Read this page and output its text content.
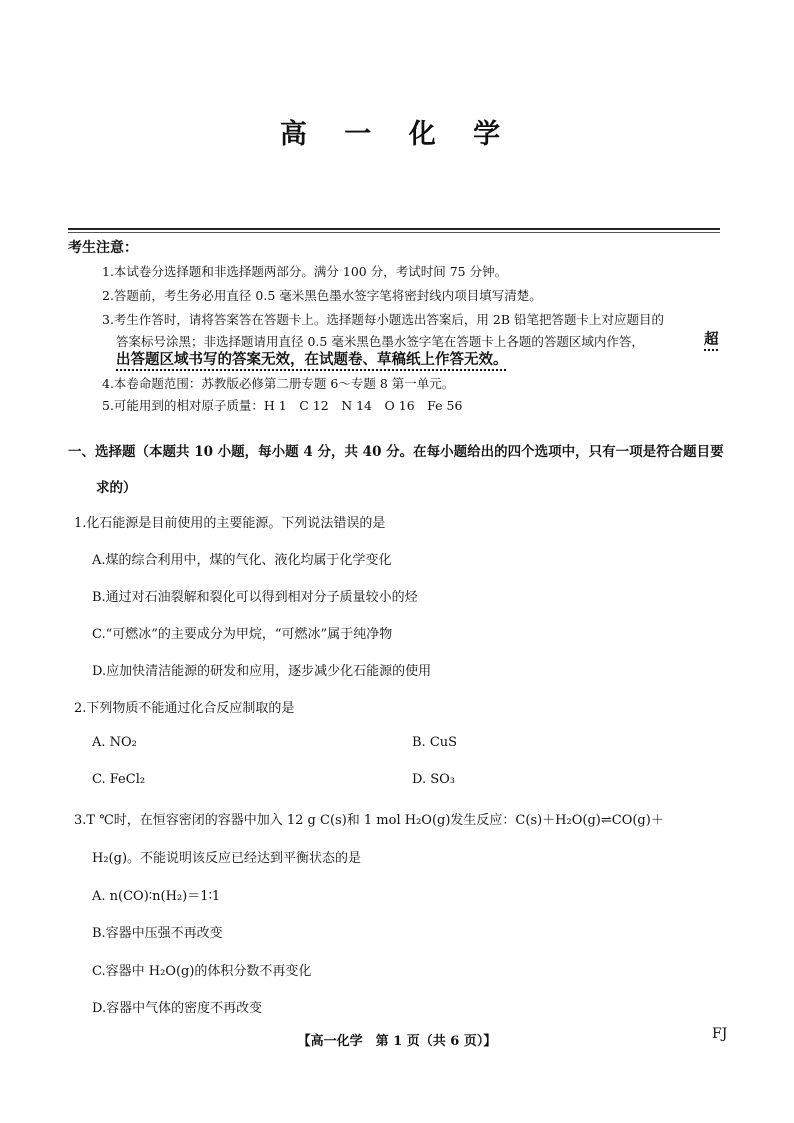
高 一 化 学
考生注意：
1.本试卷分选择题和非选择题两部分。满分 100 分，考试时间 75 分钟。
2.答题前，考生务必用直径 0.5 毫米黑色墨水签字笔将密封线内项目填写清楚。
3.考生作答时，请将答案答在答题卡上。选择题每小题选出答案后，用 2B 铅笔把答题卡上对应题目的
答案标号涂黑；非选择题请用直径 0.5 毫米黑色墨水签字笔在答题卡上各题的答题区域内作答，	超
出答题区域书写的答案无效，在试题卷、草稿纸上作答无效。
4.本卷命题范围：苏教版必修第二册专题 6～专题 8 第一单元。
5.可能用到的相对原子质量：H 1　C 12　N 14　O 16　Fe 56
一、选择题（本题共 10 小题，每小题 4 分，共 40 分。在每小题给出的四个选项中，只有一项是符合题目要
求的）
1.化石能源是目前使用的主要能源。下列说法错误的是
A.煤的综合利用中，煤的气化、液化均属于化学变化
B.通过对石油裂解和裂化可以得到相对分子质量较小的烃
C.“可燃冰”的主要成分为甲烷，“可燃冰”属于纯净物
D.应加快清洁能源的研发和应用，逐步减少化石能源的使用
2.下列物质不能通过化合反应制取的是
A. NO₂	B. CuS
C. FeCl₂	D. SO₃
3.T ℃时，在恒容密闭的容器中加入 12 g C(s)和 1 mol H₂O(g)发生反应：C(s)＋H₂O(g)⇌CO(g)＋
H₂(g)。不能说明该反应已经达到平衡状态的是
A. n(CO)∶n(H₂)＝1∶1
B.容器中压强不再改变
C.容器中 H₂O(g)的体积分数不再变化
D.容器中气体的密度不再改变
【高一化学　第 1 页（共 6 页）】	FJ
